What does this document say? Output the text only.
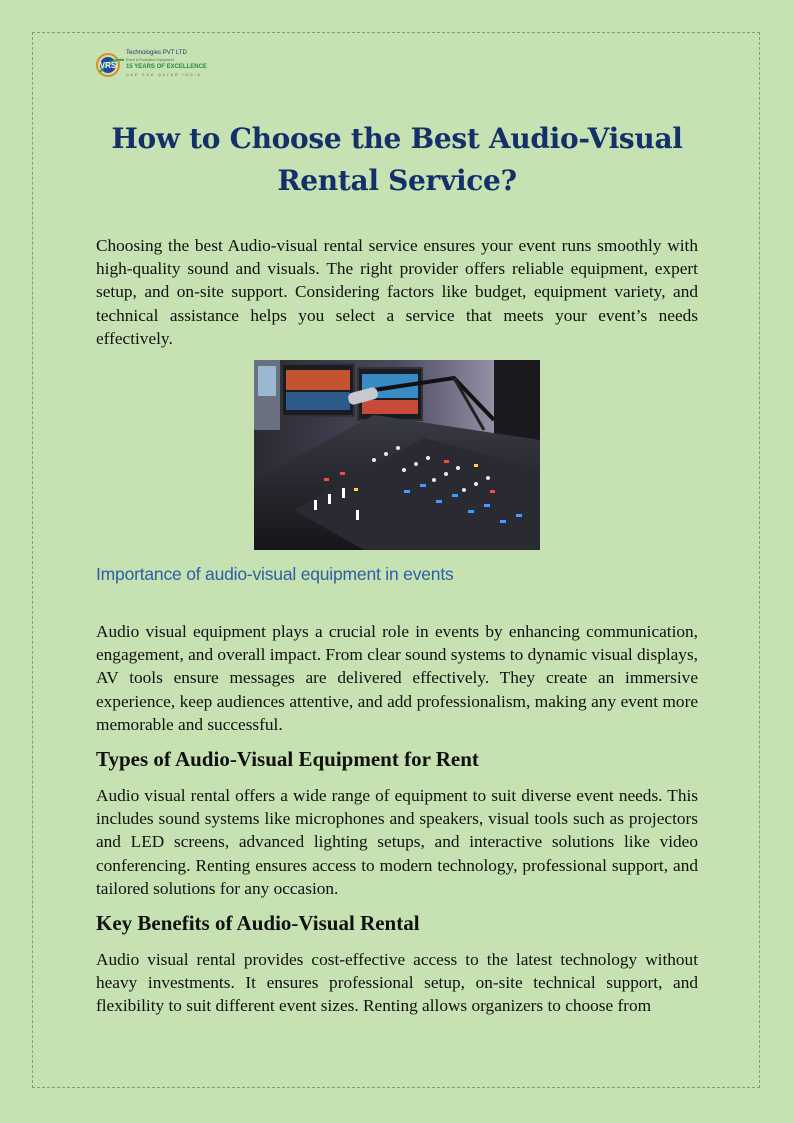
VRS
Technologies PVT LTD
Event & Production Equipment
15 YEARS OF EXCELLENCE
UAE KSA QATAR INDIA
How to Choose the Best Audio-Visual Rental Service?

Choosing the best Audio-visual rental service ensures your event runs smoothly with high-quality sound and visuals. The right provider offers reliable equipment, expert setup, and on-site support. Considering factors like budget, equipment variety, and technical assistance helps you select a service that meets your event’s needs effectively.

Importance of audio-visual equipment in events

Audio visual equipment plays a crucial role in events by enhancing communication, engagement, and overall impact. From clear sound systems to dynamic visual displays, AV tools ensure messages are delivered effectively. They create an immersive experience, keep audiences attentive, and add professionalism, making any event more memorable and successful.

Types of Audio-Visual Equipment for Rent

Audio visual rental offers a wide range of equipment to suit diverse event needs. This includes sound systems like microphones and speakers, visual tools such as projectors and LED screens, advanced lighting setups, and interactive solutions like video conferencing. Renting ensures access to modern technology, professional support, and tailored solutions for any occasion.

Key Benefits of Audio-Visual Rental

Audio visual rental provides cost-effective access to the latest technology without heavy investments. It ensures professional setup, on-site technical support, and flexibility to suit different event sizes. Renting allows organizers to choose from
